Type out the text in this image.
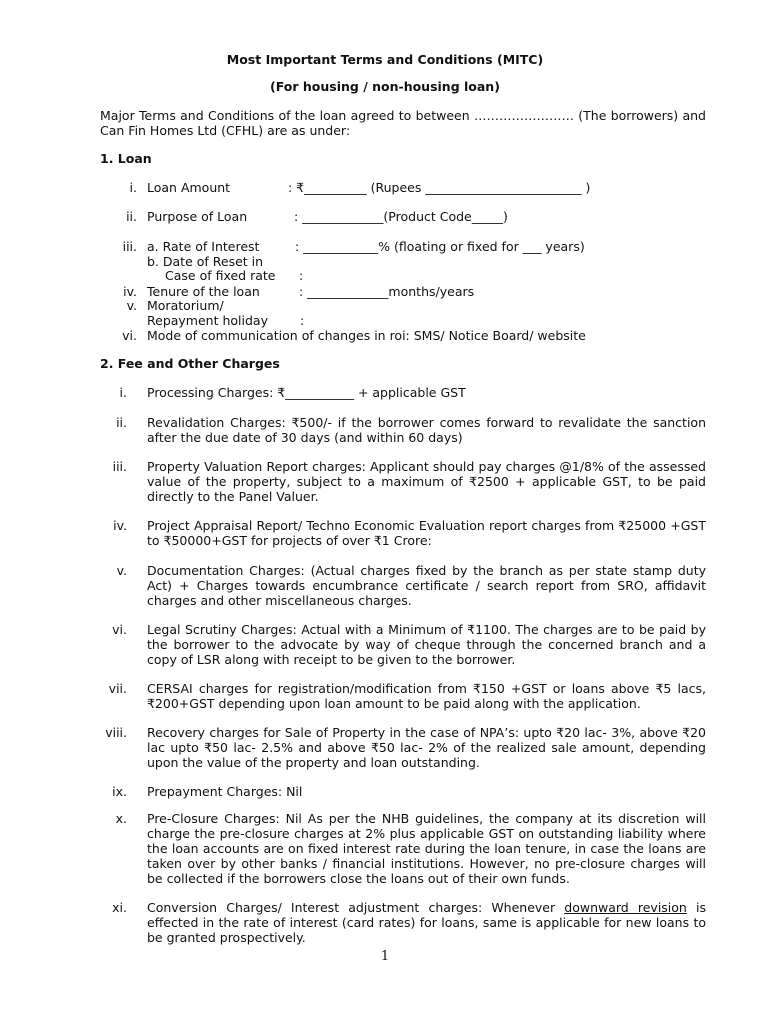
Most Important Terms and Conditions (MITC)
(For housing / non-housing loan)
Major Terms and Conditions of the loan agreed to between …………………… (The borrowers) and Can Fin Homes Ltd (CFHL) are as under:
1. Loan
i. Loan Amount	: ₹__________ (Rupees _________________________ )
ii. Purpose of Loan	: _____________(Product Code_____)
iii. a. Rate of Interest	: ____________% (floating or fixed for ___ years)
b. Date of Reset in
Case of fixed rate :
iv. Tenure of the loan	: _____________months/years
v. Moratorium/
Repayment holiday	:
vi. Mode of communication of changes in roi: SMS/ Notice Board/ website
2. Fee and Other Charges
i. Processing Charges: ₹___________ + applicable GST
ii. Revalidation Charges: ₹500/- if the borrower comes forward to revalidate the sanction after the due date of 30 days (and within 60 days)
iii. Property Valuation Report charges: Applicant should pay charges @1/8% of the assessed value of the property, subject to a maximum of ₹2500 + applicable GST, to be paid directly to the Panel Valuer.
iv. Project Appraisal Report/ Techno Economic Evaluation report charges from ₹25000 +GST to ₹50000+GST for projects of over ₹1 Crore:
v. Documentation Charges: (Actual charges fixed by the branch as per state stamp duty Act) + Charges towards encumbrance certificate / search report from SRO, affidavit charges and other miscellaneous charges.
vi. Legal Scrutiny Charges: Actual with a Minimum of ₹1100. The charges are to be paid by the borrower to the advocate by way of cheque through the concerned branch and a copy of LSR along with receipt to be given to the borrower.
vii. CERSAI charges for registration/modification from ₹150 +GST or loans above ₹5 lacs, ₹200+GST depending upon loan amount to be paid along with the application.
viii. Recovery charges for Sale of Property in the case of NPA’s: upto ₹20 lac- 3%, above ₹20 lac upto ₹50 lac- 2.5% and above ₹50 lac- 2% of the realized sale amount, depending upon the value of the property and loan outstanding.
ix. Prepayment Charges: Nil
x. Pre-Closure Charges: Nil As per the NHB guidelines, the company at its discretion will charge the pre-closure charges at 2% plus applicable GST on outstanding liability where the loan accounts are on fixed interest rate during the loan tenure, in case the loans are taken over by other banks / financial institutions. However, no pre-closure charges will be collected if the borrowers close the loans out of their own funds.
xi. Conversion Charges/ Interest adjustment charges: Whenever downward revision is effected in the rate of interest (card rates) for loans, same is applicable for new loans to be granted prospectively.
1
